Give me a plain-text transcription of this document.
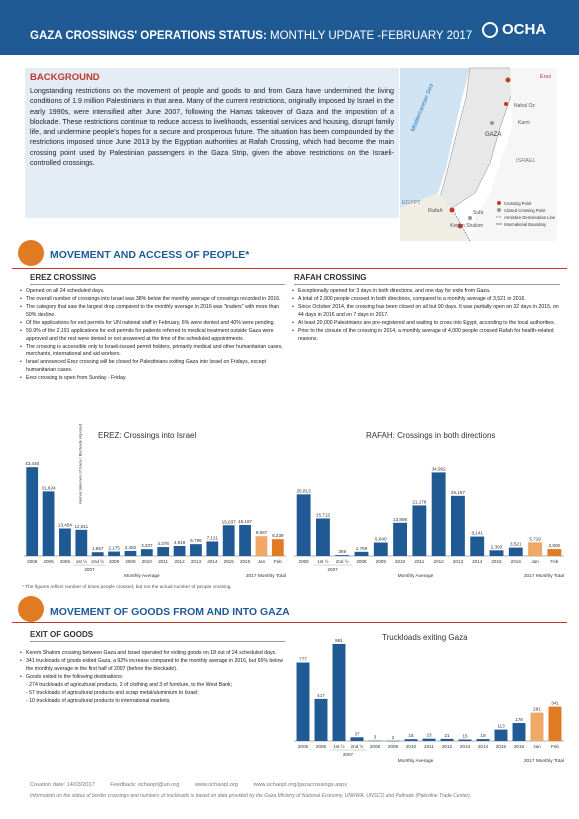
GAZA CROSSINGS' OPERATIONS STATUS: MONTHLY UPDATE -FEBRUARY 2017 OCHA
BACKGROUND
Longstanding restrictions on the movement of people and goods to and from Gaza have undermined the living conditions of 1.9 million Palestinians in that area. Many of the current restrictions, originally imposed by Israel in the early 1990s, were intensified after June 2007, following the Hamas takeover of Gaza and the imposition of a blockade. These restrictions continue to reduce access to livelihoods, essential services and housing, disrupt family life, and undermine people's hopes for a secure and prosperous future. The situation has been compounded by the restrictions imposed since June 2013 by the Egyptian authorities at Rafah Crossing, which had become the main crossing point used by Palestinian passengers in the Gaza Strip, given the above restrictions on the Israeli-controlled crossings.
Erez
Mediterranean Sea	Nahal Oz
Karni
GAZA
ISRAEL
EGYPT
Rafah	Sufa
Kerem Shalom
Crossing Point
Closed Crossing Point
Armistice Demarcation Line
International Boundary
MOVEMENT AND ACCESS OF PEOPLE*
EREZ CROSSING
• Opened on all 24 scheduled days.
• The overall number of crossings into Israel was 38% below the monthly average of crossings recorded in 2016.
• The category that saw the largest drop compared to the monthly average in 2016 was "traders" with more than 50% decline.
• Of the applications for exit permits for UN national staff in February, 6% were denied and 40% were pending.
• 59.9% of the 2,191 applications for exit permits for patients referred to medical treatment outside Gaza were approved and the rest were denied or not answered at the time of the scheduled appointments.
• The crossing is accessible only to Israeli-issued permit holders, primarily medical and other humanitarian cases, merchants, international and aid workers.
• Israel announced Erez crossing will be closed for Palestinians exiting Gaza into Israel on Fridays, except humanitarian cases.
• Erez crossing is open from Sunday - Friday.
RAFAH CROSSING
• Exceptionally opened for 3 days in both directions, and one day for exits from Gaza.
• A total of 2,900 people crossed in both directions, compared to a monthly average of 3,521 in 2016.
• Since October 2014, the crossing has been closed on all but 90 days. It was partially open on 32 days in 2015, on 44 days in 2016 and on 7 days in 2017.
• At least 20,000 Palestinians are pre-registered and waiting to cross into Egypt, according to the local authorities.
• Prior to the closure of the crossing in 2014, a monthly average of 4,000 people crossed Rafah for health-related reasons.
EREZ: Crossings into Israel
43,440
2006
31,624
2005
13,454
2006
12,811
1st ½
1,857
2nd ½
2,175
2008
2,482
2009
3,337
2010
4,376
2011
4,919
2012
5,796
2013
7,121
2014
15,037
2015
15,187
2016
9,687
Jan
8,239
Feb
2007
Monthly Average	2017 Monthly Total
Hamas takeover of Gaza / Blockade imposed	RAFAH: Crossings in both directions
25,813
2006
15,712
1st ½
369
2nd ½
1,759
2008
5,640
2009
13,899
2010
21,178
2011
34,992
2012
25,187
2013
8,141
2014
2,393
2015
3,521
2016
5,719
Jan
2,900
Feb
2007
Monthly Average	2017 Monthly Total
* The figures reflect number of times people crossed, but not the actual number of people crossing.
MOVEMENT OF GOODS FROM AND INTO GAZA
EXIT OF GOODS
• Kerem Shalom crossing between Gaza and Israel operated for exiting goods on 18 out of 24 scheduled days.
• 341 truckloads of goods exited Gaza, a 92% increase compared to the monthly average in 2016, but 65% below the monthly average in the first half of 2007 (before the blockade).
• Goods exited to the following destinations:
- 274 truckloads of agricultural products, 2 of clothing and 3 of furniture, to the West Bank;
- 57 truckloads of agricultural products and scrap metal/aluminium to Israel;
- 10 truckloads of agricultural products to international markets.
Truckloads exiting Gaza
777
2005
417
2006
961
1st ½
37
2nd ½
3
2008
2
2009
18
2010
23
2011
21
2012
15
2013
19
2014
113
2015
178
2016
281
Jan
341
Feb
2007
Monthly Average	2017 Monthly Total
Creation date: 14/03/2017	Feedback: ochaopt@un.org	www.ochaopt.org	www.ochaopt.org/gazacrossings.aspx
Information on the status of border crossings and numbers of truckloads is based on data provided by the Gaza Ministry of National Economy, UNRWA, UNSCO and Paltrade (Palestine Trade Center).
